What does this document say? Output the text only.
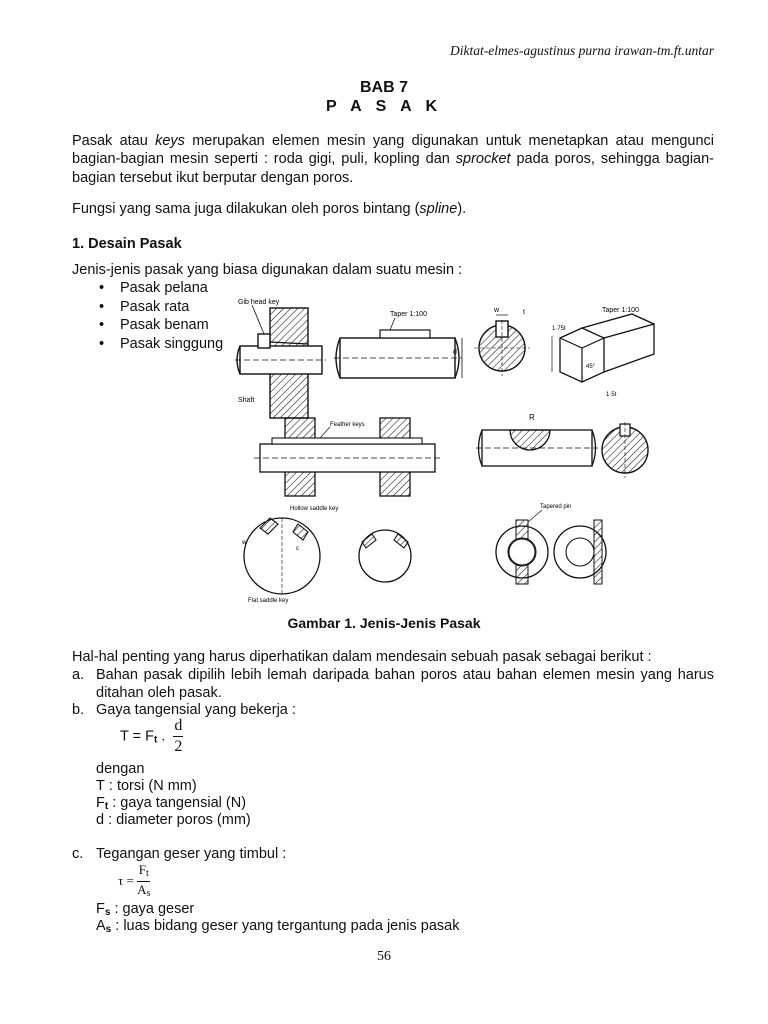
Diktat-elmes-agustinus purna irawan-tm.ft.untar
BAB 7
P A S A K
Pasak atau keys merupakan elemen mesin yang digunakan untuk menetapkan atau mengunci bagian-bagian mesin seperti : roda gigi, puli, kopling dan sprocket pada poros, sehingga bagian-bagian tersebut ikut berputar dengan poros.
Fungsi yang sama juga dilakukan oleh poros bintang (spline).
1. Desain Pasak
Jenis-jenis pasak yang biasa digunakan dalam suatu mesin :
• Pasak pelana
• Pasak rata
• Pasak benam
• Pasak singgung
Gib head key
Shaft
Taper 1:100
d
w	t	Taper 1:100
1·75t
1·5t
45°
Feather keys
R
Hollow saddle key
Flat saddle key
w
c
Tapered pin
Gambar 1. Jenis-Jenis Pasak
Hal-hal penting yang harus diperhatikan dalam mendesain sebuah pasak sebagai berikut :
a. Bahan pasak dipilih lebih lemah daripada bahan poros atau bahan elemen mesin yang harus ditahan oleh pasak.
b. Gaya tangensial yang bekerja :
$T = F_t$ . $\frac{d}{2}$
dengan
T : torsi (N mm)
$F_t$ : gaya tangensial (N)
d : diameter poros (mm)
c. Tegangan geser yang timbul :
$\tau = \frac{F_t}{A_s}$
$F_s$ : gaya geser
$A_s$ : luas bidang geser yang tergantung pada jenis pasak
56
